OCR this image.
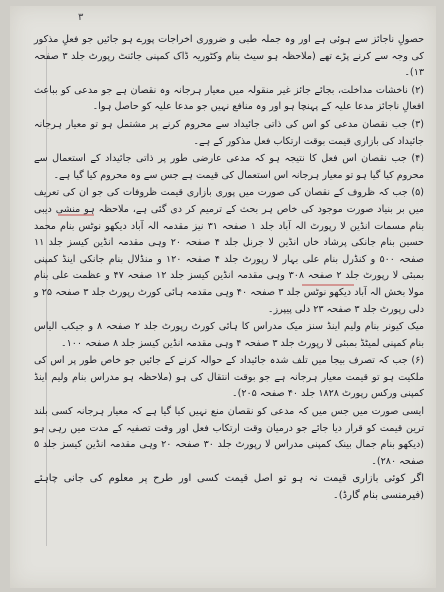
۳

حصولِ ناجائز سے ہوئی ہے اور وہ جملہ طبی و ضروری اخراجات پورے ہو جائیں جو فعلِ مذکور کی وجہ سے کرنے پڑے تھے (ملاحظہ ہو سیٹ بنام وکٹوریہ ڈاک کمپنی جائنٹ رپورٹ جلد ۳ صفحہ ۱۳)۔

(۲) ناخشات مداخلت، بجائے جائز غیر منقولہ میں معیار ہرجانہ وہ نقصان ہے جو مدعی کو بباعث افعالِ ناجائز مدعا علیہ کے پہنچا ہو اور وہ منافع نہیں جو مدعا علیہ کو حاصل ہوا۔

(۳) جب نقصان مدعی کو اس کی ذاتی جائیداد سے محروم کرنے پر مشتمل ہو تو معیار ہرجانہ جائیداد کی بازاری قیمت بوقت ارتکاب فعل مذکور کے ہے۔

(۴) جب نقصان اس فعل کا نتیجہ ہو کہ مدعی عارضی طور پر ذاتی جائیداد کے استعمال سے محروم کیا گیا ہو تو معیار ہرجانہ اس استعمال کی قیمت ہے جس سے وہ محروم کیا گیا ہے۔

(۵) جب کہ ظروف کے نقصان کی صورت میں پوری بازاری قیمت ظروفات کی جو ان کی تعریف میں بر بنیاد صورت موجود کی خاص ہر بحث کے ترمیم کر دی گئی ہے، ملاحظہ ہو منشی دیبی بنام مسمات انڈین لا رپورٹ الہ آباد جلد ۱ صفحہ ۳۱ نیز مقدمہ الہ آباد دیکھو نوٹس بنام محمد حسین بنام جانکی پرشاد خاں انڈین لا جرنل جلد ۴ صفحہ ۲۰ وہی مقدمہ انڈین کیسز جلد ۱۱ صفحہ ۵۰۰ و کنڈرل بنام علی بہار لا رپورٹ جلد ۴ صفحہ ۱۲۰ و منڈلال بنام جانکی اینڈ کمپنی بمبئی لا رپورٹ جلد ۲ صفحہ ۳۰۸ وہی مقدمہ انڈین کیسز جلد ۱۲ صفحہ ۴۷ و عظمت علی بنام مولا بخش الہ آباد دیکھو نوٹس جلد ۳ صفحہ ۴۰ وہی مقدمہ ہائی کورٹ رپورٹ جلد ۳ صفحہ ۲۵ و دلی رپورٹ جلد ۳ صفحہ ۲۳ دلی پیپرز۔

میک کیونر بنام ولیم اینڈ سنز میک مدراس کا ہائی کورٹ رپورٹ جلد ۲ صفحہ ۸ و جیکب الیاس بنام کمپنی لمیٹڈ بمبئی لا رپورٹ جلد ۳ صفحہ ۴ وہی مقدمہ انڈین کیسز جلد ۸ صفحہ ۱۰۰۔

(۶) جب کہ تصرف بیجا میں تلف شدہ جائیداد کے حوالہ کرنے کے جائیں جو خاص طور پر اس کی ملکیت ہو تو قیمت معیار ہرجانہ ہے جو بوقت انتقال کی ہو (ملاحظہ ہو مدراس بنام ولیم اینڈ کمپنی ورکس رپورٹ ۱۸۲۸ جلد ۴۰ صفحہ ۲۰۵)۔

ایسی صورت میں جس میں کہ مدعی کو نقصان منع نہیں کیا گیا ہے کہ معیار ہرجانہ کسی بلند ترین قیمت کو قرار دیا جائے جو درمیان وقت ارتکاب فعل اور وقت تصفیہ کے مدت میں رہی ہو (دیکھو بنام جمال بینک کمپنی مدراس لا رپورٹ جلد ۳۰ صفحہ ۲۰ وہی مقدمہ انڈین کیسز جلد ۵ صفحہ ۲۸۰)۔

اگر کوئی بازاری قیمت نہ ہو تو اصل قیمت کسی اور طرح پر معلوم کی جانی چاہئے (فیرمنسی بنام گارڈ)۔
